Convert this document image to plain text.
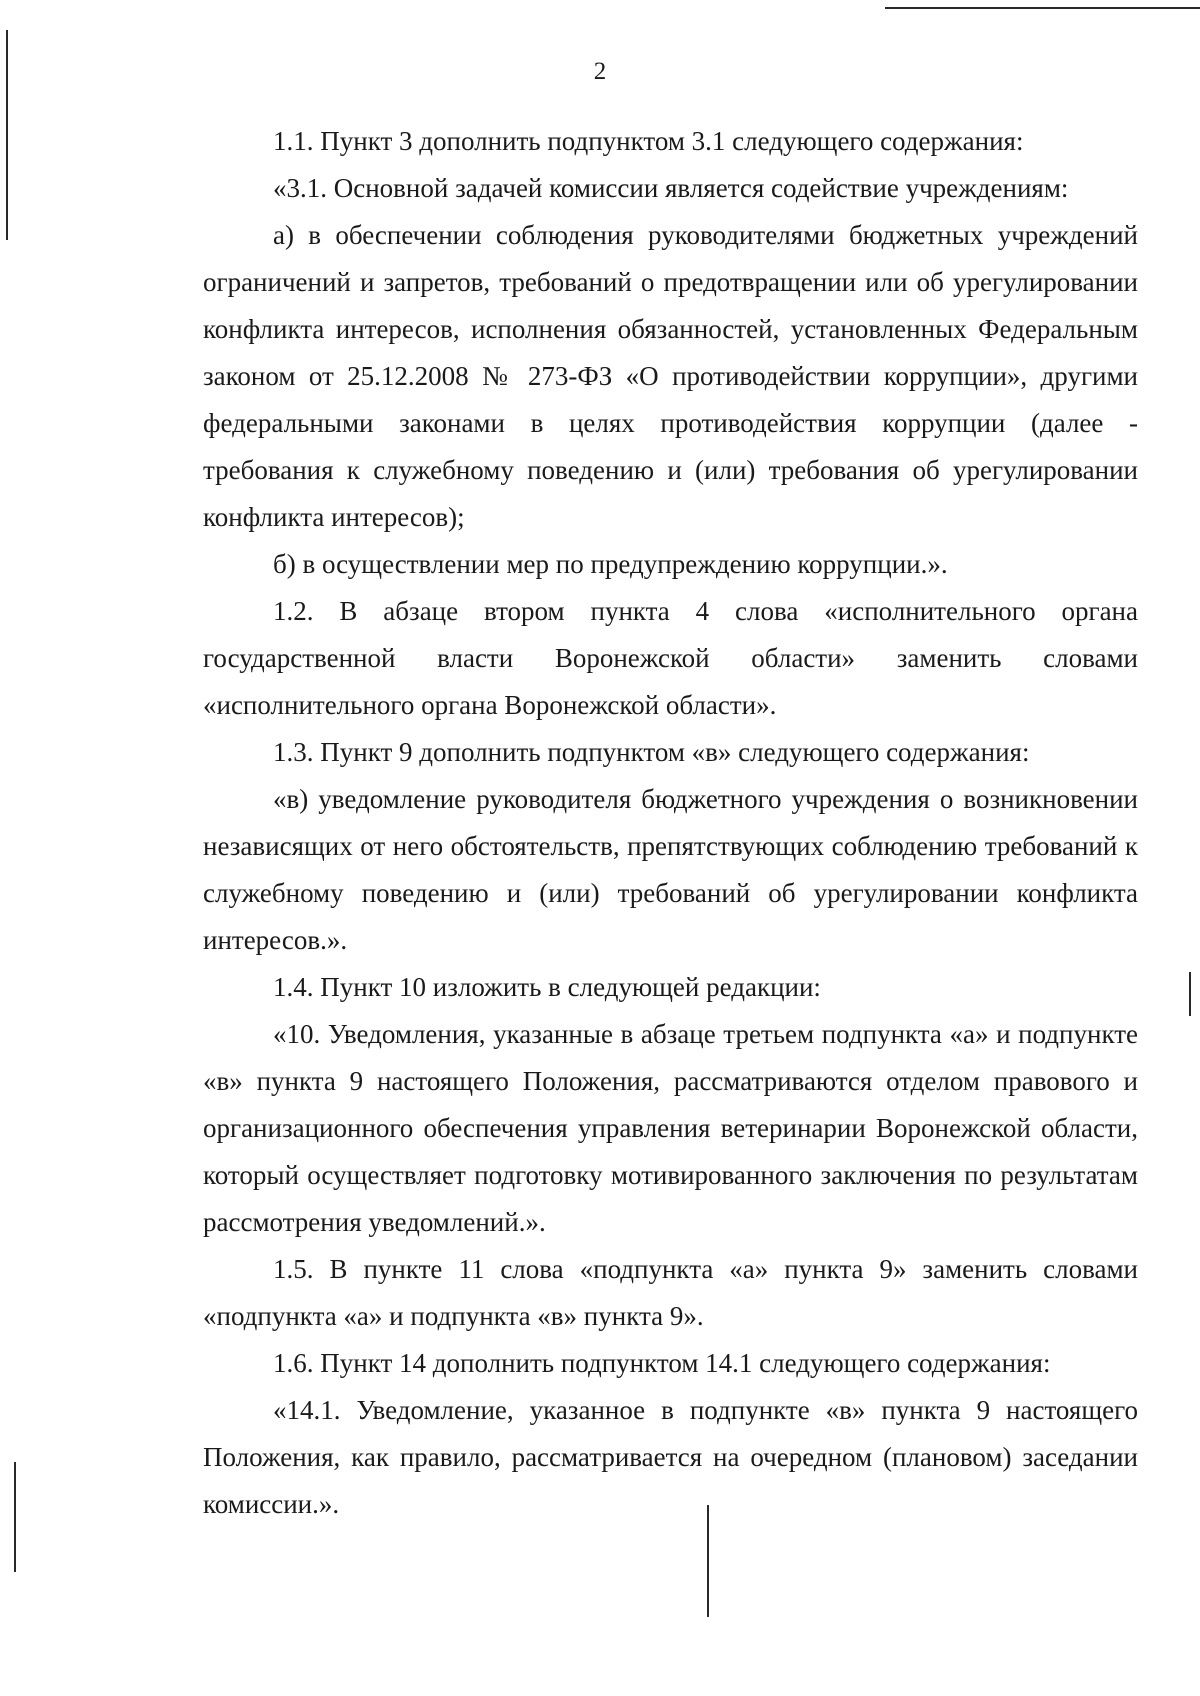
2

1.1. Пункт 3 дополнить подпунктом 3.1 следующего содержания:

«3.1. Основной задачей комиссии является содействие учреждениям:

а) в обеспечении соблюдения руководителями бюджетных учреждений ограничений и запретов, требований о предотвращении или об урегулировании конфликта интересов, исполнения обязанностей, установленных Федеральным законом от 25.12.2008 № 273-ФЗ «О противодействии коррупции», другими федеральными законами в целях противодействия коррупции (далее - требования к служебному поведению и (или) требования об урегулировании конфликта интересов);

б) в осуществлении мер по предупреждению коррупции.».

1.2. В абзаце втором пункта 4 слова «исполнительного органа государственной власти Воронежской области» заменить словами «исполнительного органа Воронежской области».

1.3. Пункт 9 дополнить подпунктом «в» следующего содержания:

«в) уведомление руководителя бюджетного учреждения о возникновении независящих от него обстоятельств, препятствующих соблюдению требований к служебному поведению и (или) требований об урегулировании конфликта интересов.».

1.4. Пункт 10 изложить в следующей редакции:

«10. Уведомления, указанные в абзаце третьем подпункта «а» и подпункте «в» пункта 9 настоящего Положения, рассматриваются отделом правового и организационного обеспечения управления ветеринарии Воронежской области, который осуществляет подготовку мотивированного заключения по результатам рассмотрения уведомлений.».

1.5. В пункте 11 слова «подпункта «а» пункта 9» заменить словами «подпункта «а» и подпункта «в» пункта 9».

1.6. Пункт 14 дополнить подпунктом 14.1 следующего содержания:

«14.1. Уведомление, указанное в подпункте «в» пункта 9 настоящего Положения, как правило, рассматривается на очередном (плановом) заседании комиссии.».
